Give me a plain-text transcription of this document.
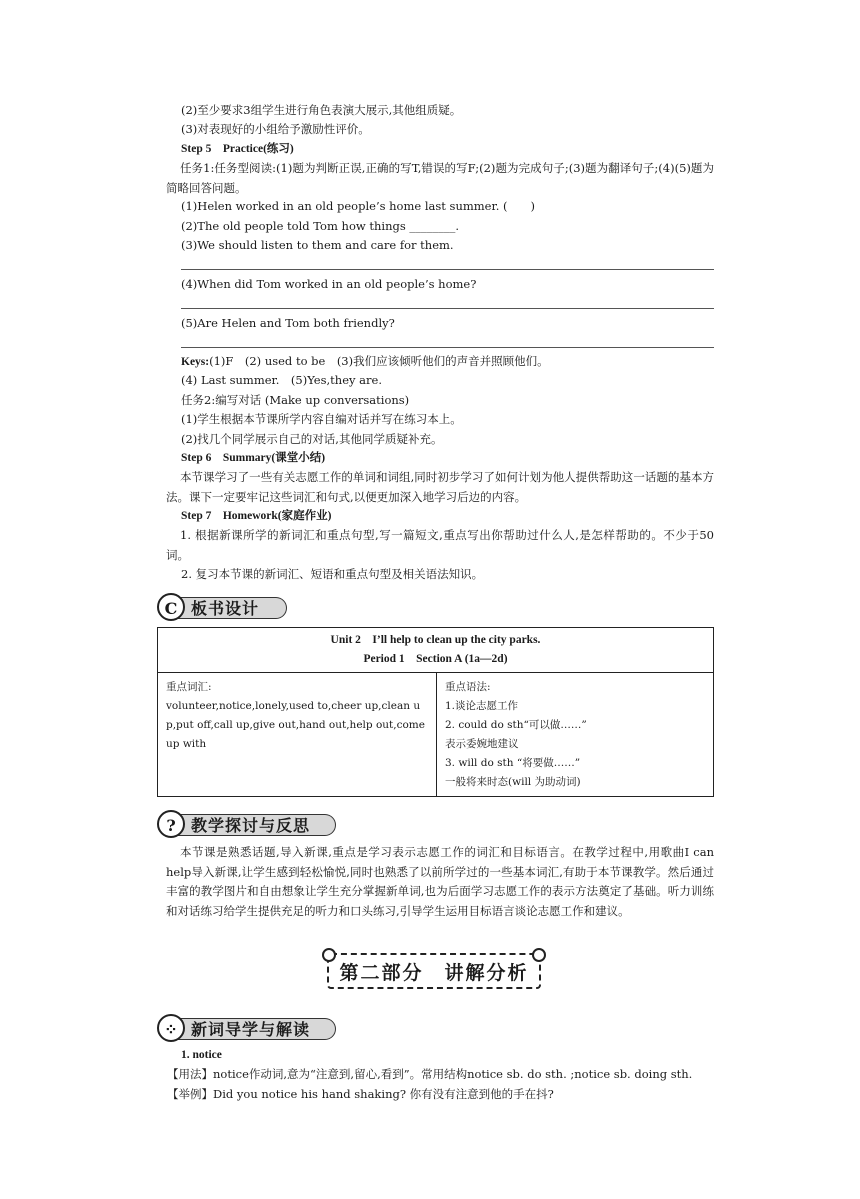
(2)至少要求3组学生进行角色表演大展示,其他组质疑。
(3)对表现好的小组给予激励性评价。
Step 5　Practice(练习)
任务1:任务型阅读:(1)题为判断正误,正确的写T,错误的写F;(2)题为完成句子;(3)题为翻译句子;(4)(5)题为简略回答问题。
(1)Helen worked in an old people’s home last summer. (　　)
(2)The old people told Tom how things ________.
(3)We should listen to them and care for them.
(4)When did Tom worked in an old people’s home?
(5)Are Helen and Tom both friendly?
Keys:(1)F　(2) used to be　(3)我们应该倾听他们的声音并照顾他们。
(4) Last summer.　(5)Yes,they are.
任务2:编写对话 (Make up conversations)
(1)学生根据本节课所学内容自编对话并写在练习本上。
(2)找几个同学展示自己的对话,其他同学质疑补充。
Step 6　Summary(课堂小结)
本节课学习了一些有关志愿工作的单词和词组,同时初步学习了如何计划为他人提供帮助这一话题的基本方法。课下一定要牢记这些词汇和句式,以便更加深入地学习后边的内容。
Step 7　Homework(家庭作业)
1. 根据新课所学的新词汇和重点句型,写一篇短文,重点写出你帮助过什么人,是怎样帮助的。不少于50词。
2. 复习本节课的新词汇、短语和重点句型及相关语法知识。
C 板书设计
Unit 2　I’ll help to clean up the city parks.
Period 1　Section A (1a—2d)

重点词汇:
volunteer,notice,lonely,used to,cheer up,clean up,put off,call up,give out,hand out,help out,come up with

重点语法:
1.谈论志愿工作
2. could do sth“可以做……”
表示委婉地建议
3. will do sth “将要做……”
一般将来时态(will 为助动词)
? 教学探讨与反思
本节课是熟悉话题,导入新课,重点是学习表示志愿工作的词汇和目标语言。在教学过程中,用歌曲I can help导入新课,让学生感到轻松愉悦,同时也熟悉了以前所学过的一些基本词汇,有助于本节课教学。然后通过丰富的教学图片和自由想象让学生充分掌握新单词,也为后面学习志愿工作的表示方法奠定了基础。听力训练和对话练习给学生提供充足的听力和口头练习,引导学生运用目标语言谈论志愿工作和建议。
第二部分　讲解分析
⁘ 新词导学与解读
1. notice
【用法】notice作动词,意为“注意到,留心,看到”。常用结构notice sb. do sth. ;notice sb. doing sth.
【举例】Did you notice his hand shaking? 你有没有注意到他的手在抖?
